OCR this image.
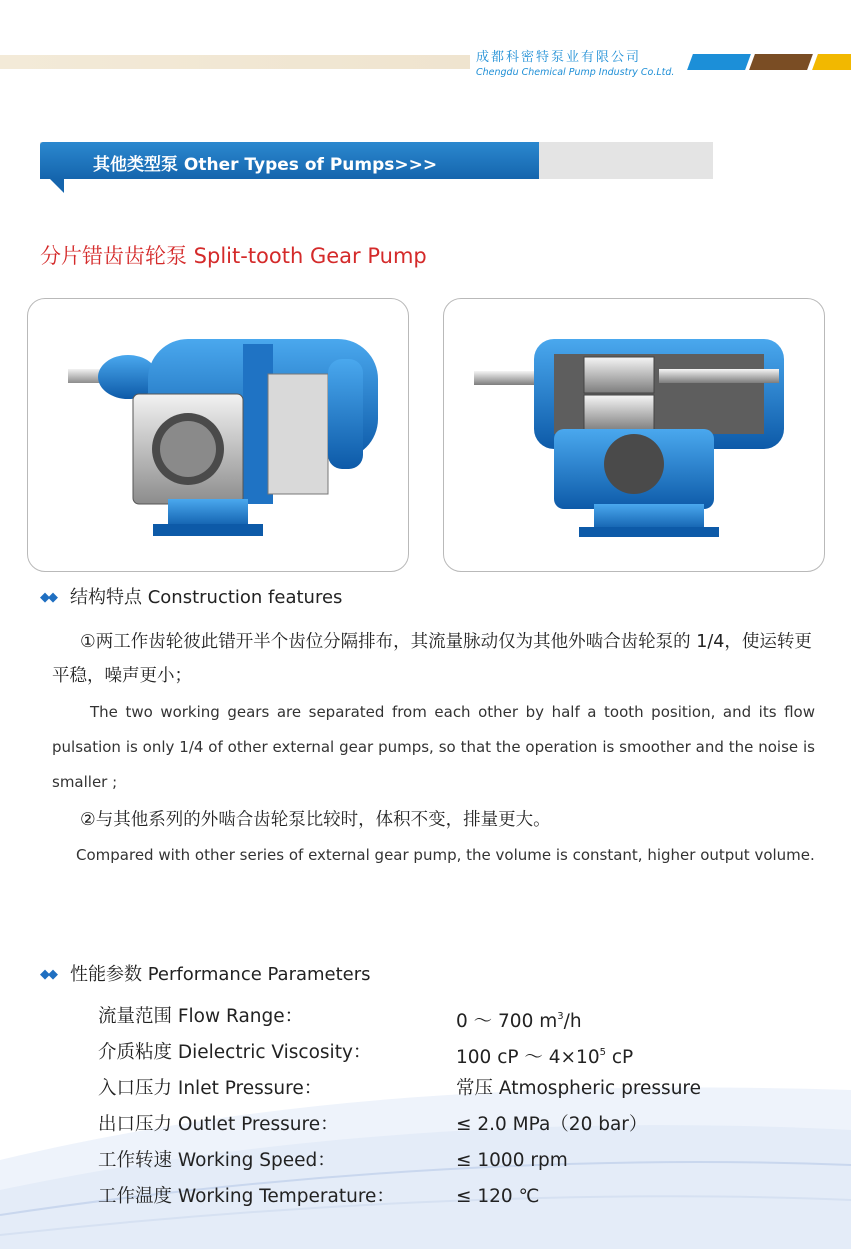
成都科密特泵业有限公司
Chengdu Chemical Pump Industry Co.Ltd.
其他类型泵 Other Types of Pumps>>>
分片错齿齿轮泵 Split-tooth Gear Pump
◆◆ 结构特点 Construction features
①两工作齿轮彼此错开半个齿位分隔排布，其流量脉动仅为其他外啮合齿轮泵的 1/4，使运转更平稳，噪声更小；
The two working gears are separated from each other by half a tooth position, and its flow pulsation is only 1/4 of other external gear pumps, so that the operation is smoother and the noise is smaller ;
②与其他系列的外啮合齿轮泵比较时，体积不变，排量更大。
Compared with other series of external gear pump, the volume is constant, higher output volume.
◆◆ 性能参数 Performance Parameters
流量范围 Flow Range：	0 ～ 700 $m^3/h$
介质粘度 Dielectric Viscosity：	100 cP ～ $4\times 10^5$ cP
入口压力 Inlet Pressure：	常压 Atmospheric pressure
出口压力 Outlet Pressure：	≤ 2.0 MPa（20 bar）
工作转速 Working Speed：	≤ 1000 rpm
工作温度 Working Temperature：	≤ 120 ℃
